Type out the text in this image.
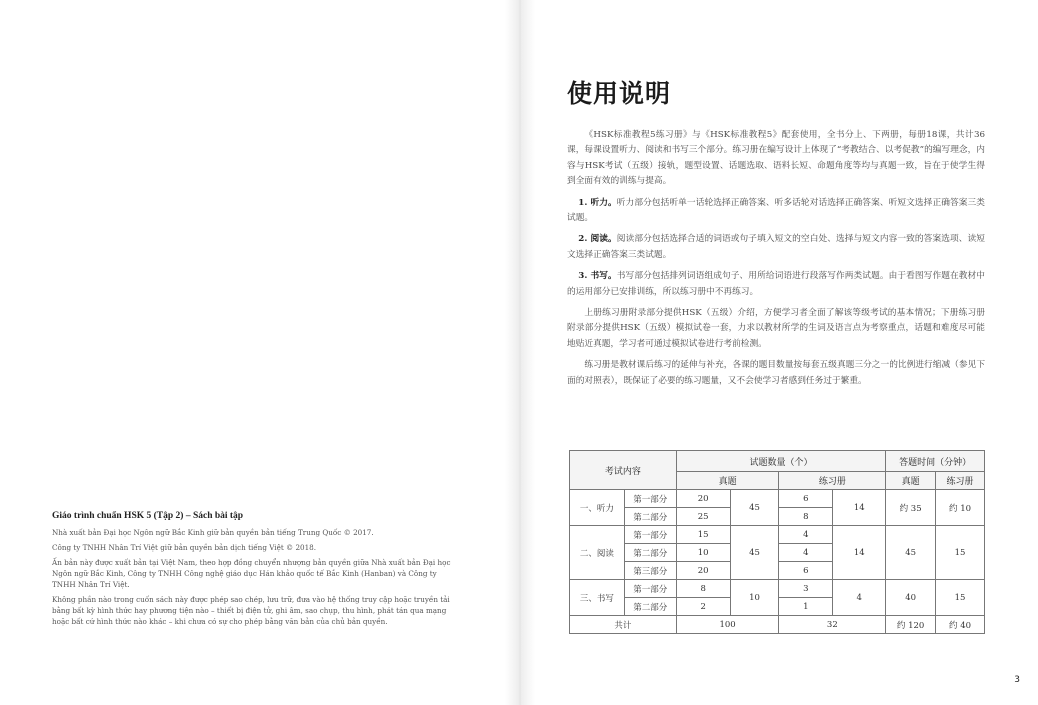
Giáo trình chuẩn HSK 5 (Tập 2) – Sách bài tập

Nhà xuất bản Đại học Ngôn ngữ Bắc Kinh giữ bản quyền bản tiếng Trung Quốc © 2017.

Công ty TNHH Nhân Trí Việt giữ bản quyền bản dịch tiếng Việt © 2018.

Ấn bản này được xuất bản tại Việt Nam, theo hợp đồng chuyển nhượng bản quyền giữa Nhà xuất bản Đại học Ngôn ngữ Bắc Kinh, Công ty TNHH Công nghệ giáo dục Hán khảo quốc tế Bắc Kinh (Hanban) và Công ty TNHH Nhân Trí Việt.

Không phần nào trong cuốn sách này được phép sao chép, lưu trữ, đưa vào hệ thống truy cập hoặc truyền tải bằng bất kỳ hình thức hay phương tiện nào – thiết bị điện tử, ghi âm, sao chụp, thu hình, phát tán qua mạng hoặc bất cứ hình thức nào khác – khi chưa có sự cho phép bằng văn bản của chủ bản quyền.

使用说明

《HSK标准教程5练习册》与《HSK标准教程5》配套使用，全书分上、下两册，每册18课，共计36课，每课设置听力、阅读和书写三个部分。练习册在编写设计上体现了“考教结合、以考促教”的编写理念，内容与HSK考试（五级）接轨，题型设置、话题选取、语料长短、命题角度等均与真题一致，旨在于使学生得到全面有效的训练与提高。

1. 听力。听力部分包括听单一话轮选择正确答案、听多话轮对话选择正确答案、听短文选择正确答案三类试题。

2. 阅读。阅读部分包括选择合适的词语或句子填入短文的空白处、选择与短文内容一致的答案选项、读短文选择正确答案三类试题。

3. 书写。书写部分包括排列词语组成句子、用所给词语进行段落写作两类试题。由于看图写作题在教材中的运用部分已安排训练，所以练习册中不再练习。

上册练习册附录部分提供HSK（五级）介绍，方便学习者全面了解该等级考试的基本情况；下册练习册附录部分提供HSK（五级）模拟试卷一套，力求以教材所学的生词及语言点为考察重点，话题和难度尽可能地贴近真题，学习者可通过模拟试卷进行考前检测。

练习册是教材课后练习的延伸与补充，各课的题目数量按每套五级真题三分之一的比例进行缩减（参见下面的对照表），既保证了必要的练习题量，又不会使学习者感到任务过于繁重。

考试内容		试题数量（个）				答题时间（分钟）	
		真题		练习册		真题	练习册
一、听力	第一部分	20	45	6	14	约 35	约 10
	第二部分	25		8			
二、阅读	第一部分	15	45	4	14	45	15
	第二部分	10		4			
	第三部分	20		6			
三、书写	第一部分	8	10	3	4	40	15
	第二部分	2		1			
共计		100		32		约 120	约 40
3
